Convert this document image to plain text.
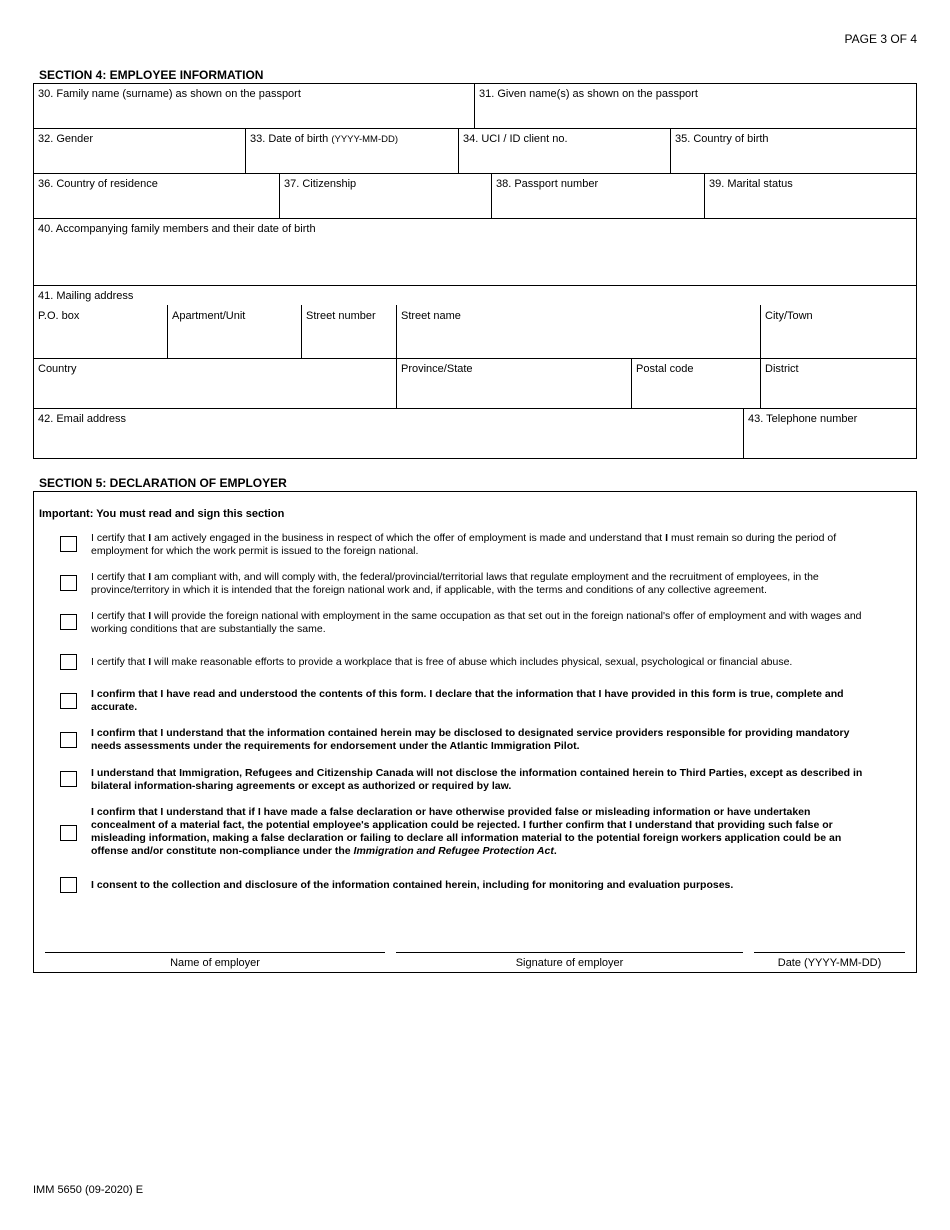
PAGE 3 OF 4
SECTION 4: EMPLOYEE INFORMATION
30. Family name (surname) as shown on the passport	31. Given name(s) as shown on the passport
32. Gender	33. Date of birth (YYYY-MM-DD)	34. UCI / ID client no.	35. Country of birth
36. Country of residence	37. Citizenship	38. Passport number	39. Marital status
40. Accompanying family members and their date of birth
41. Mailing address
P.O. box	Apartment/Unit	Street number	Street name	City/Town
Country	Province/State	Postal code	District
42. Email address	43. Telephone number
SECTION 5: DECLARATION OF EMPLOYER
Important: You must read and sign this section
I certify that I am actively engaged in the business in respect of which the offer of employment is made and understand that I must remain so during the period of employment for which the work permit is issued to the foreign national.
I certify that I am compliant with, and will comply with, the federal/provincial/territorial laws that regulate employment and the recruitment of employees, in the province/territory in which it is intended that the foreign national work and, if applicable, with the terms and conditions of any collective agreement.
I certify that I will provide the foreign national with employment in the same occupation as that set out in the foreign national's offer of employment and with wages and working conditions that are substantially the same.
I certify that I will make reasonable efforts to provide a workplace that is free of abuse which includes physical, sexual, psychological or financial abuse.
I confirm that I have read and understood the contents of this form. I declare that the information that I have provided in this form is true, complete and accurate.
I confirm that I understand that the information contained herein may be disclosed to designated service providers responsible for providing mandatory needs assessments under the requirements for endorsement under the Atlantic Immigration Pilot.
I understand that Immigration, Refugees and Citizenship Canada will not disclose the information contained herein to Third Parties, except as described in bilateral information-sharing agreements or except as authorized or required by law.
I confirm that I understand that if I have made a false declaration or have otherwise provided false or misleading information or have undertaken concealment of a material fact, the potential employee's application could be rejected. I further confirm that I understand that providing such false or misleading information, making a false declaration or failing to declare all information material to the potential foreign workers application could be an offense and/or constitute non-compliance under the Immigration and Refugee Protection Act.
I consent to the collection and disclosure of the information contained herein, including for monitoring and evaluation purposes.
Name of employer	Signature of employer	Date (YYYY-MM-DD)
IMM 5650 (09-2020) E
